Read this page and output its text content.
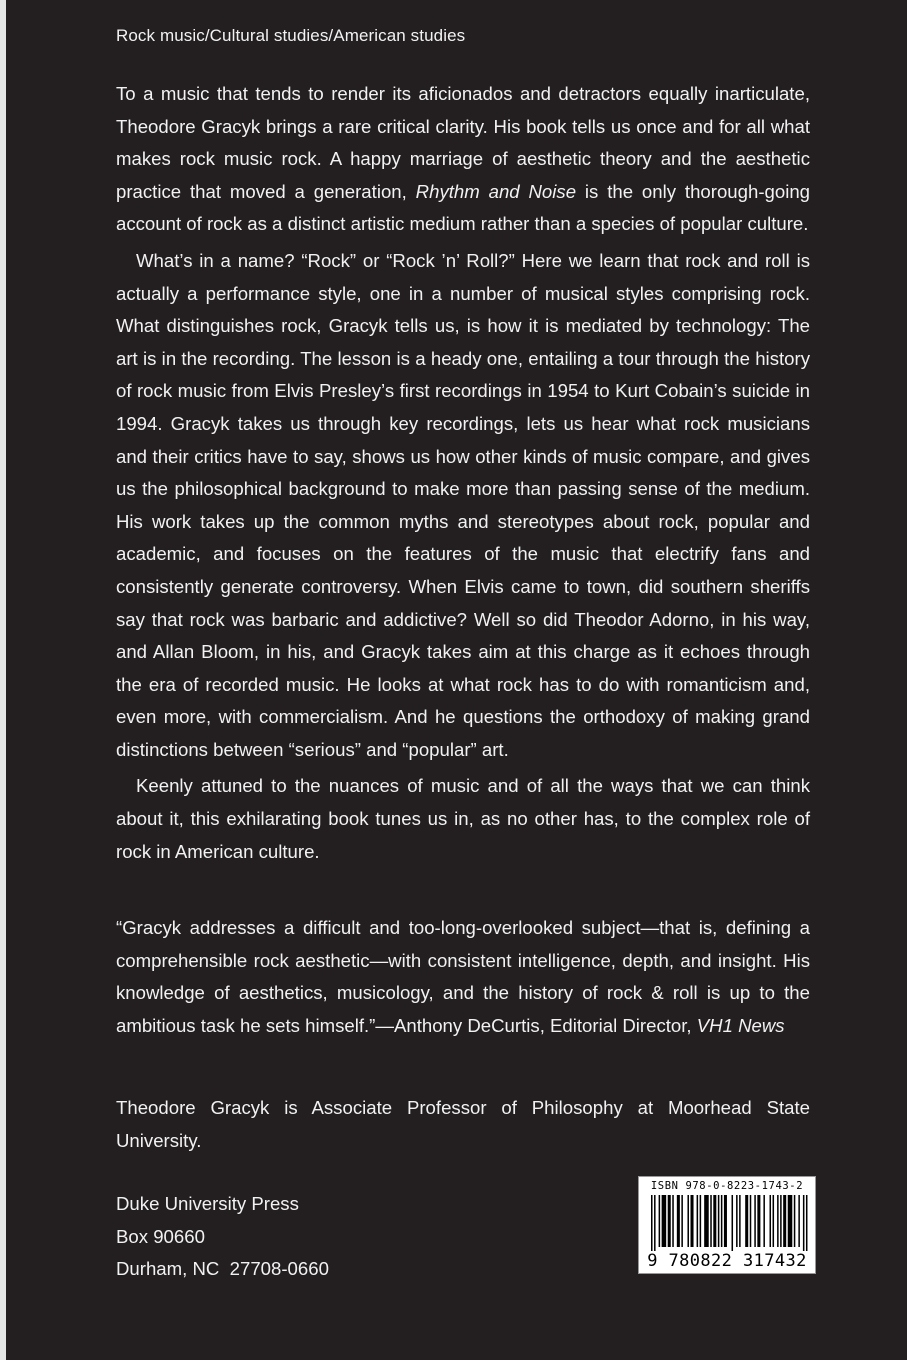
Rock music/Cultural studies/American studies

To a music that tends to render its aficionados and detractors equally inarticulate, Theodore Gracyk brings a rare critical clarity. His book tells us once and for all what makes rock music rock. A happy marriage of aesthetic theory and the aesthetic practice that moved a generation, Rhythm and Noise is the only thorough-going account of rock as a distinct artistic medium rather than a species of popular culture.

What’s in a name? “Rock” or “Rock ’n’ Roll?” Here we learn that rock and roll is actually a performance style, one in a number of musical styles comprising rock. What distinguishes rock, Gracyk tells us, is how it is mediated by technology: The art is in the recording. The lesson is a heady one, entailing a tour through the history of rock music from Elvis Presley’s first recordings in 1954 to Kurt Cobain’s suicide in 1994. Gracyk takes us through key recordings, lets us hear what rock musicians and their critics have to say, shows us how other kinds of music compare, and gives us the philosophical background to make more than passing sense of the medium. His work takes up the common myths and stereotypes about rock, popular and academic, and focuses on the features of the music that electrify fans and consistently generate controversy. When Elvis came to town, did southern sheriffs say that rock was barbaric and addictive? Well so did Theodor Adorno, in his way, and Allan Bloom, in his, and Gracyk takes aim at this charge as it echoes through the era of recorded music. He looks at what rock has to do with romanticism and, even more, with commercialism. And he questions the orthodoxy of making grand distinctions between “serious” and “popular” art.

Keenly attuned to the nuances of music and of all the ways that we can think about it, this exhilarating book tunes us in, as no other has, to the complex role of rock in American culture.

“Gracyk addresses a difficult and too-long-overlooked subject—that is, defining a comprehensible rock aesthetic—with consistent intelligence, depth, and insight. His knowledge of aesthetics, musicology, and the history of rock & roll is up to the ambitious task he sets himself.”—Anthony DeCurtis, Editorial Director, VH1 News

Theodore Gracyk is Associate Professor of Philosophy at Moorhead State University.

Duke University Press
Box 90660
Durham, NC  27708-0660
ISBN 978-0-8223-1743-2
9 780822 317432
